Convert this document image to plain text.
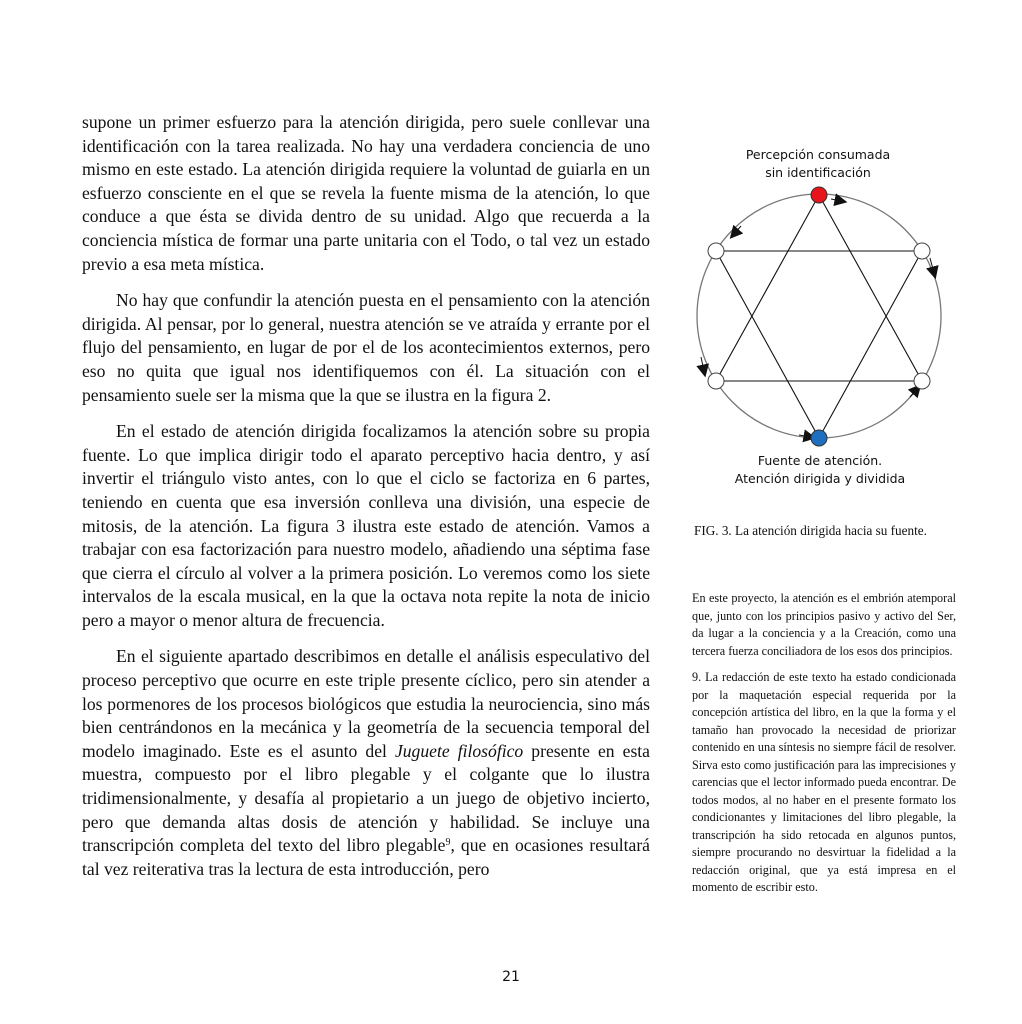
supone un primer esfuerzo para la atención dirigida, pero suele conllevar una identificación con la tarea realizada. No hay una verdadera conciencia de uno mismo en este estado. La atención dirigida requiere la voluntad de guiarla en un esfuerzo consciente en el que se revela la fuente misma de la atención, lo que conduce a que ésta se divida dentro de su unidad. Algo que recuerda a la conciencia mística de formar una parte unitaria con el Todo, o tal vez un estado previo a esa meta mística.

No hay que confundir la atención puesta en el pensamiento con la atención dirigida. Al pensar, por lo general, nuestra atención se ve atraída y errante por el flujo del pensamiento, en lugar de por el de los acontecimientos externos, pero eso no quita que igual nos identifiquemos con él. La situación con el pensamiento suele ser la misma que la que se ilustra en la figura 2.

En el estado de atención dirigida focalizamos la atención sobre su propia fuente. Lo que implica dirigir todo el aparato perceptivo hacia dentro, y así invertir el triángulo visto antes, con lo que el ciclo se factoriza en 6 partes, teniendo en cuenta que esa inversión conlleva una división, una especie de mitosis, de la atención. La figura 3 ilustra este estado de atención. Vamos a trabajar con esa factorización para nuestro modelo, añadiendo una séptima fase que cierra el círculo al volver a la primera posición. Lo veremos como los siete intervalos de la escala musical, en la que la octava nota repite la nota de inicio pero a mayor o menor altura de frecuencia.

En el siguiente apartado describimos en detalle el análisis especulativo del proceso perceptivo que ocurre en este triple presente cíclico, pero sin atender a los pormenores de los procesos biológicos que estudia la neurociencia, sino más bien centrándonos en la mecánica y la geometría de la secuencia temporal del modelo imaginado. Este es el asunto del Juguete filosófico presente en esta muestra, compuesto por el libro plegable y el colgante que lo ilustra tridimensionalmente, y desafía al propietario a un juego de objetivo incierto, pero que demanda altas dosis de atención y habilidad. Se incluye una transcripción completa del texto del libro plegable$^9$, que en ocasiones resultará tal vez reiterativa tras la lectura de esta introducción, pero

Percepción consumada
sin identificación
Fuente de atención.
Atención dirigida y dividida
FIG. 3. La atención dirigida hacia su fuente.

En este proyecto, la atención es el embrión atemporal que, junto con los principios pasivo y activo del Ser, da lugar a la conciencia y a la Creación, como una tercera fuerza conciliadora de los esos dos principios.

9. La redacción de este texto ha estado condicionada por la maquetación especial requerida por la concepción artística del libro, en la que la forma y el tamaño han provocado la necesidad de priorizar contenido en una síntesis no siempre fácil de resolver. Sirva esto como justificación para las imprecisiones y carencias que el lector informado pueda encontrar. De todos modos, al no haber en el presente formato los condicionantes y limitaciones del libro plegable, la transcripción ha sido retocada en algunos puntos, siempre procurando no desvirtuar la fidelidad a la redacción original, que ya está impresa en el momento de escribir esto.

21
